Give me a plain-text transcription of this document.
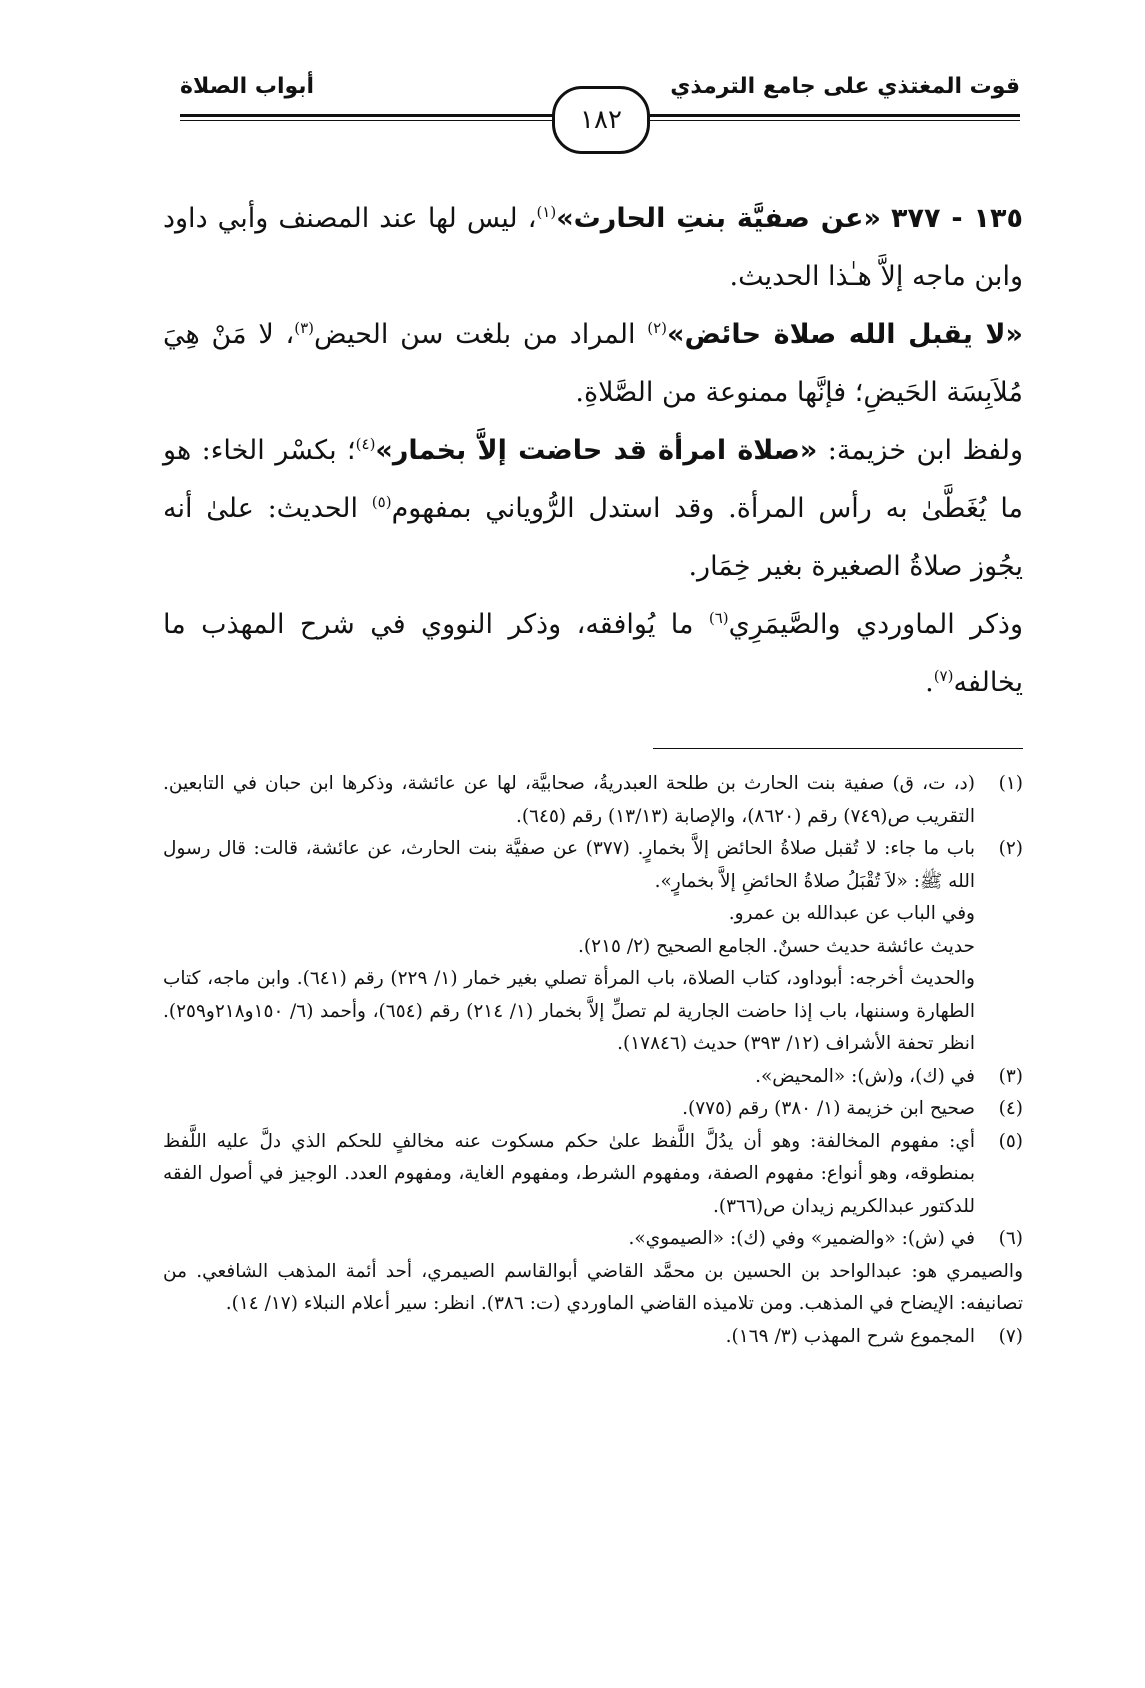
قوت المغتذي على جامع الترمذي
أبواب الصلاة
١٨٢

١٣٥ - ٣٧٧ «عن صفيَّة بنتِ الحارث»$^{(١)}$، ليس لها عند المصنف وأبي داود وابن ماجه إلاَّ هـٰذا الحديث.

«لا يقبل الله صلاة حائض»$^{(٢)}$ المراد من بلغت سن الحيض$^{(٣)}$، لا مَنْ هِيَ مُلاَبِسَة الحَيضِ؛ فإنَّها ممنوعة من الصَّلاةِ.

ولفظ ابن خزيمة: «صلاة امرأة قد حاضت إلاَّ بخمار»$^{(٤)}$؛ بكسْر الخاء: هو ما يُغَطَّىٰ به رأس المرأة. وقد استدل الرُّوياني بمفهوم$^{(٥)}$ الحديث: علىٰ أنه يجُوز صلاةُ الصغيرة بغير خِمَار.

وذكر الماوردي والصَّيمَرِي$^{(٦)}$ ما يُوافقه، وذكر النووي في شرح المهذب ما يخالفه$^{(٧)}$.

(١)
(د، ت، ق) صفية بنت الحارث بن طلحة العبدريةُ، صحابيَّة، لها عن عائشة، وذكرها ابن حبان في التابعين. التقريب ص(٧٤٩) رقم (٨٦٢٠)، والإصابة (١٣/١٣) رقم (٦٤٥).
(٢)
باب ما جاء: لا تُقبل صلاةُ الحائض إلاَّ بخمارٍ. (٣٧٧) عن صفيَّة بنت الحارث، عن عائشة، قالت: قال رسول الله ﷺ: «لاَ تُقْبَلُ صلاةُ الحائضِ إلاَّ بخمارٍ».
وفي الباب عن عبدالله بن عمرو.
حديث عائشة حديث حسنٌ. الجامع الصحيح (٢/ ٢١٥).
والحديث أخرجه: أبوداود، كتاب الصلاة، باب المرأة تصلي بغير خمار (١/ ٢٢٩) رقم (٦٤١). وابن ماجه، كتاب الطهارة وسننها، باب إذا حاضت الجارية لم تصلِّ إلاَّ بخمار (١/ ٢١٤) رقم (٦٥٤)، وأحمد (٦/ ١٥٠و٢١٨و٢٥٩). انظر تحفة الأشراف (١٢/ ٣٩٣) حديث (١٧٨٤٦).
(٣)
في (ك)، و(ش): «المحيض».
(٤)
صحيح ابن خزيمة (١/ ٣٨٠) رقم (٧٧٥).
(٥)
أي: مفهوم المخالفة: وهو أن يدُلَّ اللَّفظ علىٰ حكم مسكوت عنه مخالفٍ للحكم الذي دلَّ عليه اللَّفظ بمنطوقه، وهو أنواع: مفهوم الصفة، ومفهوم الشرط، ومفهوم الغاية، ومفهوم العدد. الوجيز في أصول الفقه للدكتور عبدالكريم زيدان ص(٣٦٦).
(٦)
في (ش): «والضمير» وفي (ك): «الصيموي».
والصيمري هو: عبدالواحد بن الحسين بن محمَّد القاضي أبوالقاسم الصيمري، أحد أئمة المذهب الشافعي. من تصانيفه: الإيضاح في المذهب. ومن تلاميذه القاضي الماوردي (ت: ٣٨٦). انظر: سير أعلام النبلاء (١٧/ ١٤).
(٧)
المجموع شرح المهذب (٣/ ١٦٩).
